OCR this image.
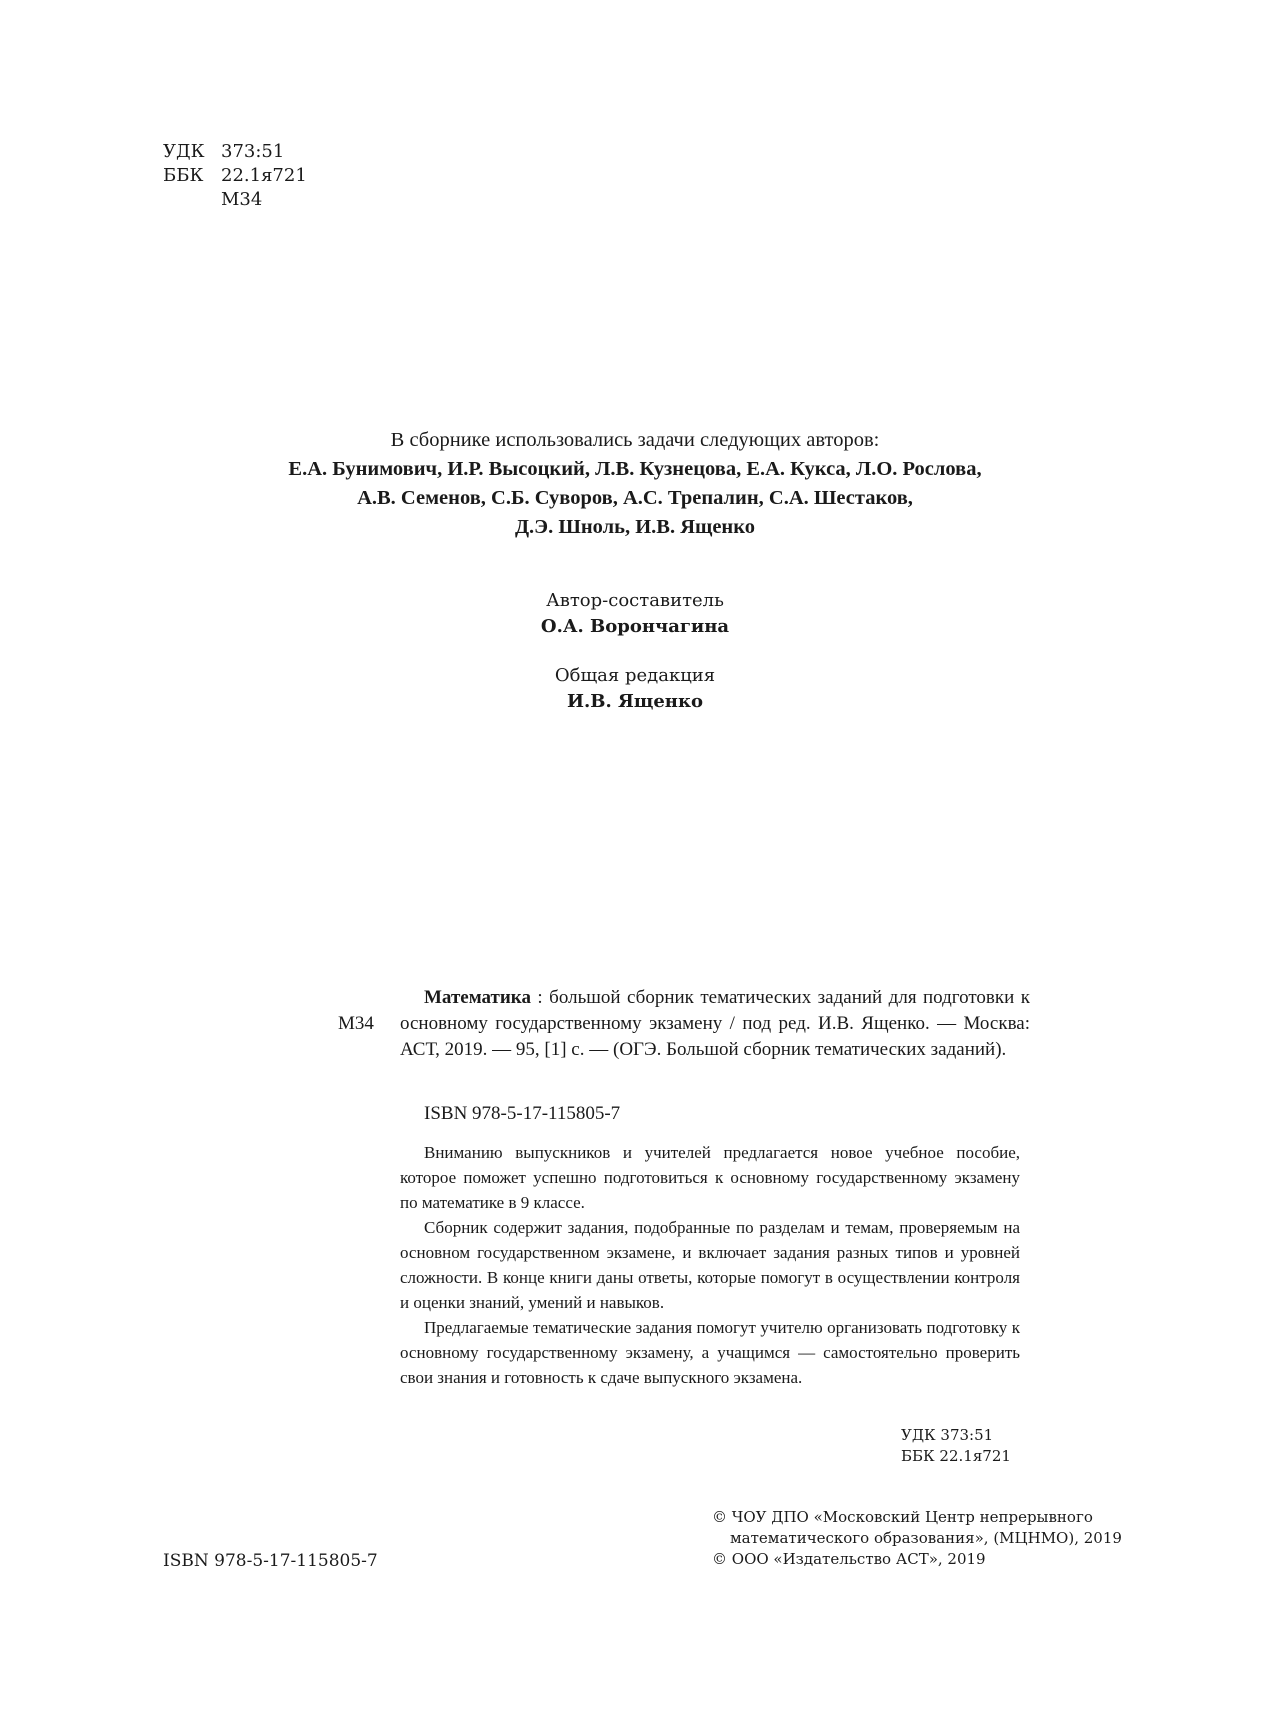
УДК 373:51
ББК 22.1я721
М34
В сборнике использовались задачи следующих авторов:
Е.А. Бунимович, И.Р. Высоцкий, Л.В. Кузнецова, Е.А. Кукса, Л.О. Рослова,
А.В. Семенов, С.Б. Суворов, А.С. Трепалин, С.А. Шестаков,
Д.Э. Шноль, И.В. Ященко
Автор-составитель
О.А. Ворончагина
Общая редакция
И.В. Ященко
М34

Математика : большой сборник тематических заданий для подготовки к основному государственному экзамену / под ред. И.В. Ященко. — Москва: АСТ, 2019. — 95, [1] с. — (ОГЭ. Большой сборник тематических заданий).

ISBN 978-5-17-115805-7

Вниманию выпускников и учителей предлагается новое учебное пособие, которое поможет успешно подготовиться к основному государственному экзамену по математике в 9 классе.

Сборник содержит задания, подобранные по разделам и темам, проверяемым на основном государственном экзамене, и включает задания разных типов и уровней сложности. В конце книги даны ответы, которые помогут в осуществлении контроля и оценки знаний, умений и навыков.

Предлагаемые тематические задания помогут учителю организовать подготовку к основному государственному экзамену, а учащимся — самостоятельно проверить свои знания и готовность к сдаче выпускного экзамена.

УДК 373:51
ББК 22.1я721
© ЧОУ ДПО «Московский Центр непрерывного
математического образования», (МЦНМО), 2019
© ООО «Издательство АСТ», 2019
ISBN 978-5-17-115805-7
